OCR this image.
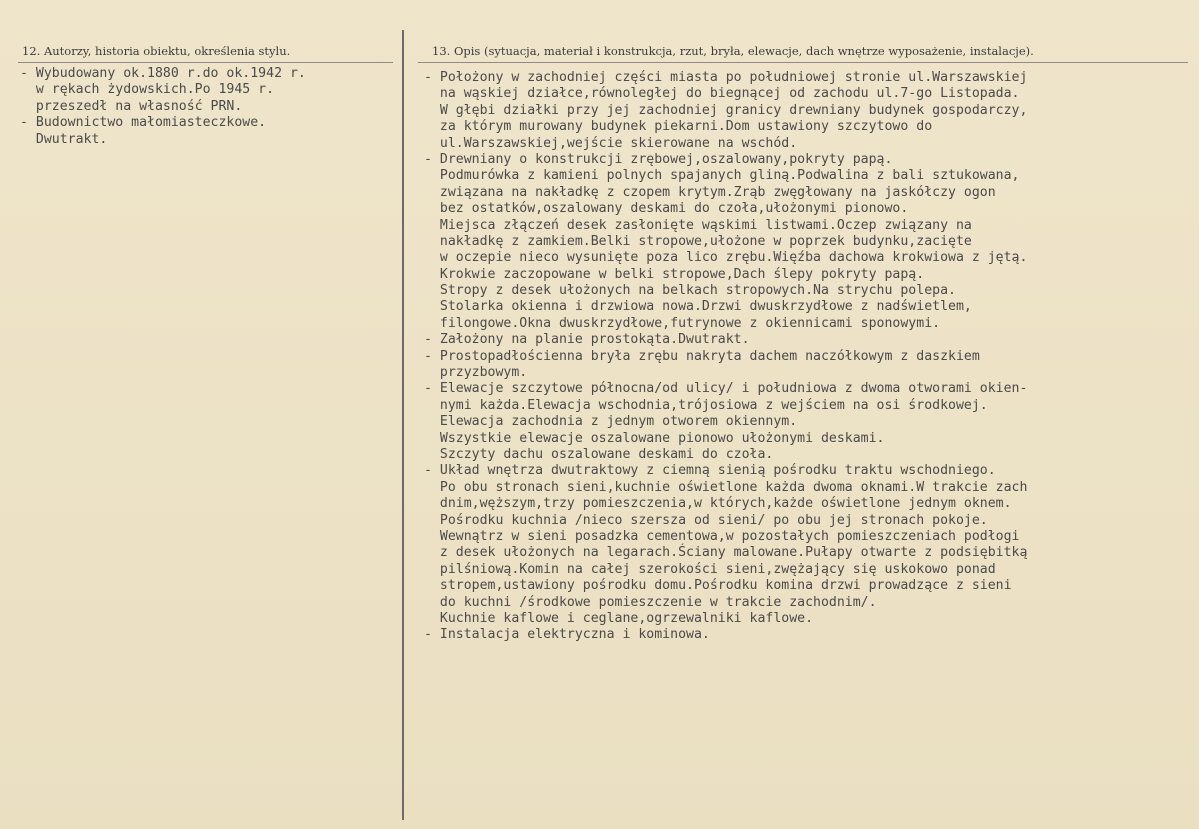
12. Autorzy, historia obiektu, określenia stylu.	13. Opis (sytuacja, materiał i konstrukcja, rzut, bryła, elewacje, dach wnętrze wyposażenie, instalacje).
- Wybudowany ok.1880 r.do ok.1942 r.
w rękach żydowskich.Po 1945 r.
przeszedł na własność PRN.
- Budownictwo małomiasteczkowe.
Dwutrakt.
- Położony w zachodniej części miasta po południowej stronie ul.Warszawskiej
na wąskiej działce,równoległej do biegnącej od zachodu ul.7-go Listopada.
W głębi działki przy jej zachodniej granicy drewniany budynek gospodarczy,
za którym murowany budynek piekarni.Dom ustawiony szczytowo do
ul.Warszawskiej,wejście skierowane na wschód.
- Drewniany o konstrukcji zrębowej,oszalowany,pokryty papą.
Podmurówka z kamieni polnych spajanych gliną.Podwalina z bali sztukowana,
związana na nakładkę z czopem krytym.Zrąb zwęgłowany na jaskółczy ogon
bez ostatków,oszalowany deskami do czoła,ułożonymi pionowo.
Miejsca złączeń desek zasłonięte wąskimi listwami.Oczep związany na
nakładkę z zamkiem.Belki stropowe,ułożone w poprzek budynku,zacięte
w oczepie nieco wysunięte poza lico zrębu.Więźba dachowa krokwiowa z jętą.
Krokwie zaczopowane w belki stropowe,Dach ślepy pokryty papą.
Stropy z desek ułożonych na belkach stropowych.Na strychu polepa.
Stolarka okienna i drzwiowa nowa.Drzwi dwuskrzydłowe z nadświetlem,
filongowe.Okna dwuskrzydłowe,futrynowe z okiennicami sponowymi.
- Założony na planie prostokąta.Dwutrakt.
- Prostopadłościenna bryła zrębu nakryta dachem naczółkowym z daszkiem
przyzbowym.
- Elewacje szczytowe północna/od ulicy/ i południowa z dwoma otworami okien-
nymi każda.Elewacja wschodnia,trójosiowa z wejściem na osi środkowej.
Elewacja zachodnia z jednym otworem okiennym.
Wszystkie elewacje oszalowane pionowo ułożonymi deskami.
Szczyty dachu oszalowane deskami do czoła.
- Układ wnętrza dwutraktowy z ciemną sienią pośrodku traktu wschodniego.
Po obu stronach sieni,kuchnie oświetlone każda dwoma oknami.W trakcie zach
dnim,węższym,trzy pomieszczenia,w których,każde oświetlone jednym oknem.
Pośrodku kuchnia /nieco szersza od sieni/ po obu jej stronach pokoje.
Wewnątrz w sieni posadzka cementowa,w pozostałych pomieszczeniach podłogi
z desek ułożonych na legarach.Ściany malowane.Pułapy otwarte z podsiębitką
pilśniową.Komin na całej szerokości sieni,zwężający się uskokowo ponad
stropem,ustawiony pośrodku domu.Pośrodku komina drzwi prowadzące z sieni
do kuchni /środkowe pomieszczenie w trakcie zachodnim/.
Kuchnie kaflowe i ceglane,ogrzewalniki kaflowe.
- Instalacja elektryczna i kominowa.
